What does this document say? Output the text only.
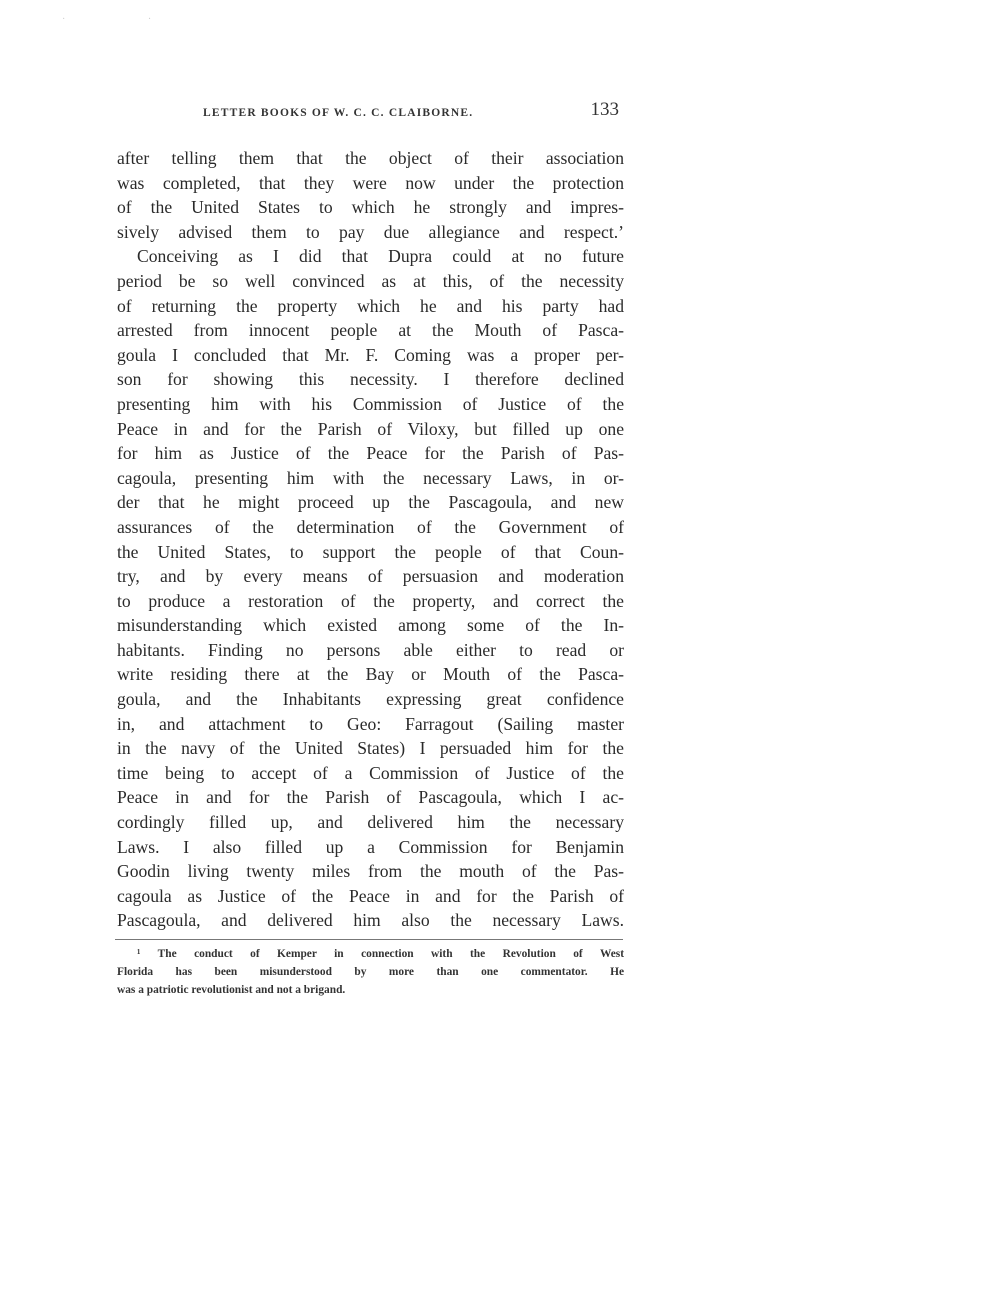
· ·
LETTER BOOKS OF W. C. C. CLAIBORNE.	133
after telling them that the object of their association
was completed, that they were now under the protection
of the United States to which he strongly and impres-
sively advised them to pay due allegiance and respect.’
Conceiving as I did that Dupra could at no future
period be so well convinced as at this, of the necessity
of returning the property which he and his party had
arrested from innocent people at the Mouth of Pasca-
goula I concluded that Mr. F. Coming was a proper per-
son for showing this necessity. I therefore declined
presenting him with his Commission of Justice of the
Peace in and for the Parish of Viloxy, but filled up one
for him as Justice of the Peace for the Parish of Pas-
cagoula, presenting him with the necessary Laws, in or-
der that he might proceed up the Pascagoula, and new
assurances of the determination of the Government of
the United States, to support the people of that Coun-
try, and by every means of persuasion and moderation
to produce a restoration of the property, and correct the
misunderstanding which existed among some of the In-
habitants. Finding no persons able either to read or
write residing there at the Bay or Mouth of the Pasca-
goula, and the Inhabitants expressing great confidence
in, and attachment to Geo: Farragout (Sailing master
in the navy of the United States) I persuaded him for the
time being to accept of a Commission of Justice of the
Peace in and for the Parish of Pascagoula, which I ac-
cordingly filled up, and delivered him the necessary
Laws. I also filled up a Commission for Benjamin
Goodin living twenty miles from the mouth of the Pas-
cagoula as Justice of the Peace in and for the Parish of
Pascagoula, and delivered him also the necessary Laws.
¹ The conduct of Kemper in connection with the Revolution of West
Florida has been misunderstood by more than one commentator. He
was a patriotic revolutionist and not a brigand.
